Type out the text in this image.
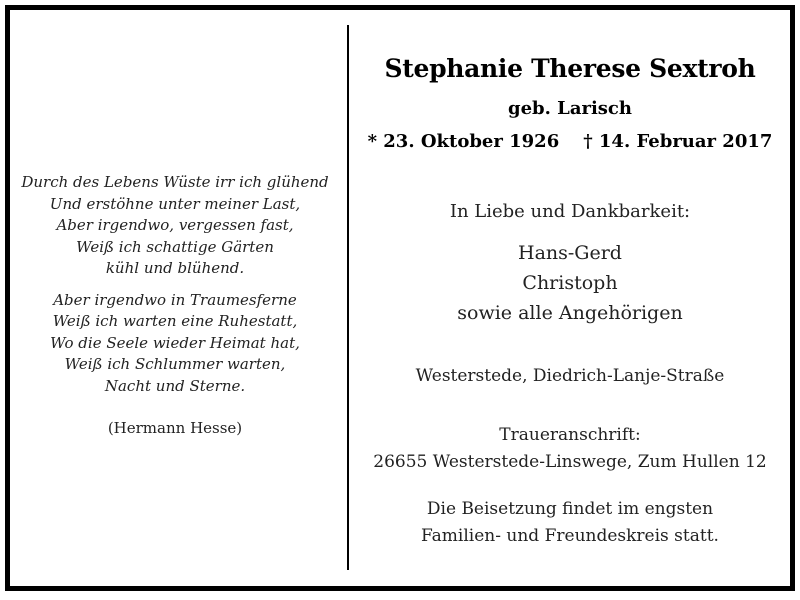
Durch des Lebens Wüste irr ich glühend
Und erstöhne unter meiner Last,
Aber irgendwo, vergessen fast,
Weiß ich schattige Gärten
kühl und blühend.
Aber irgendwo in Traumesferne
Weiß ich warten eine Ruhestatt,
Wo die Seele wieder Heimat hat,
Weiß ich Schlummer warten,
Nacht und Sterne.
(Hermann Hesse)
Stephanie Therese Sextroh
geb. Larisch
* 23. Oktober 1926 † 14. Februar 2017
In Liebe und Dankbarkeit:
Hans-Gerd
Christoph
sowie alle Angehörigen
Westerstede, Diedrich-Lanje-Straße
Traueranschrift:
26655 Westerstede-Linswege, Zum Hullen 12
Die Beisetzung findet im engsten
Familien- und Freundeskreis statt.
